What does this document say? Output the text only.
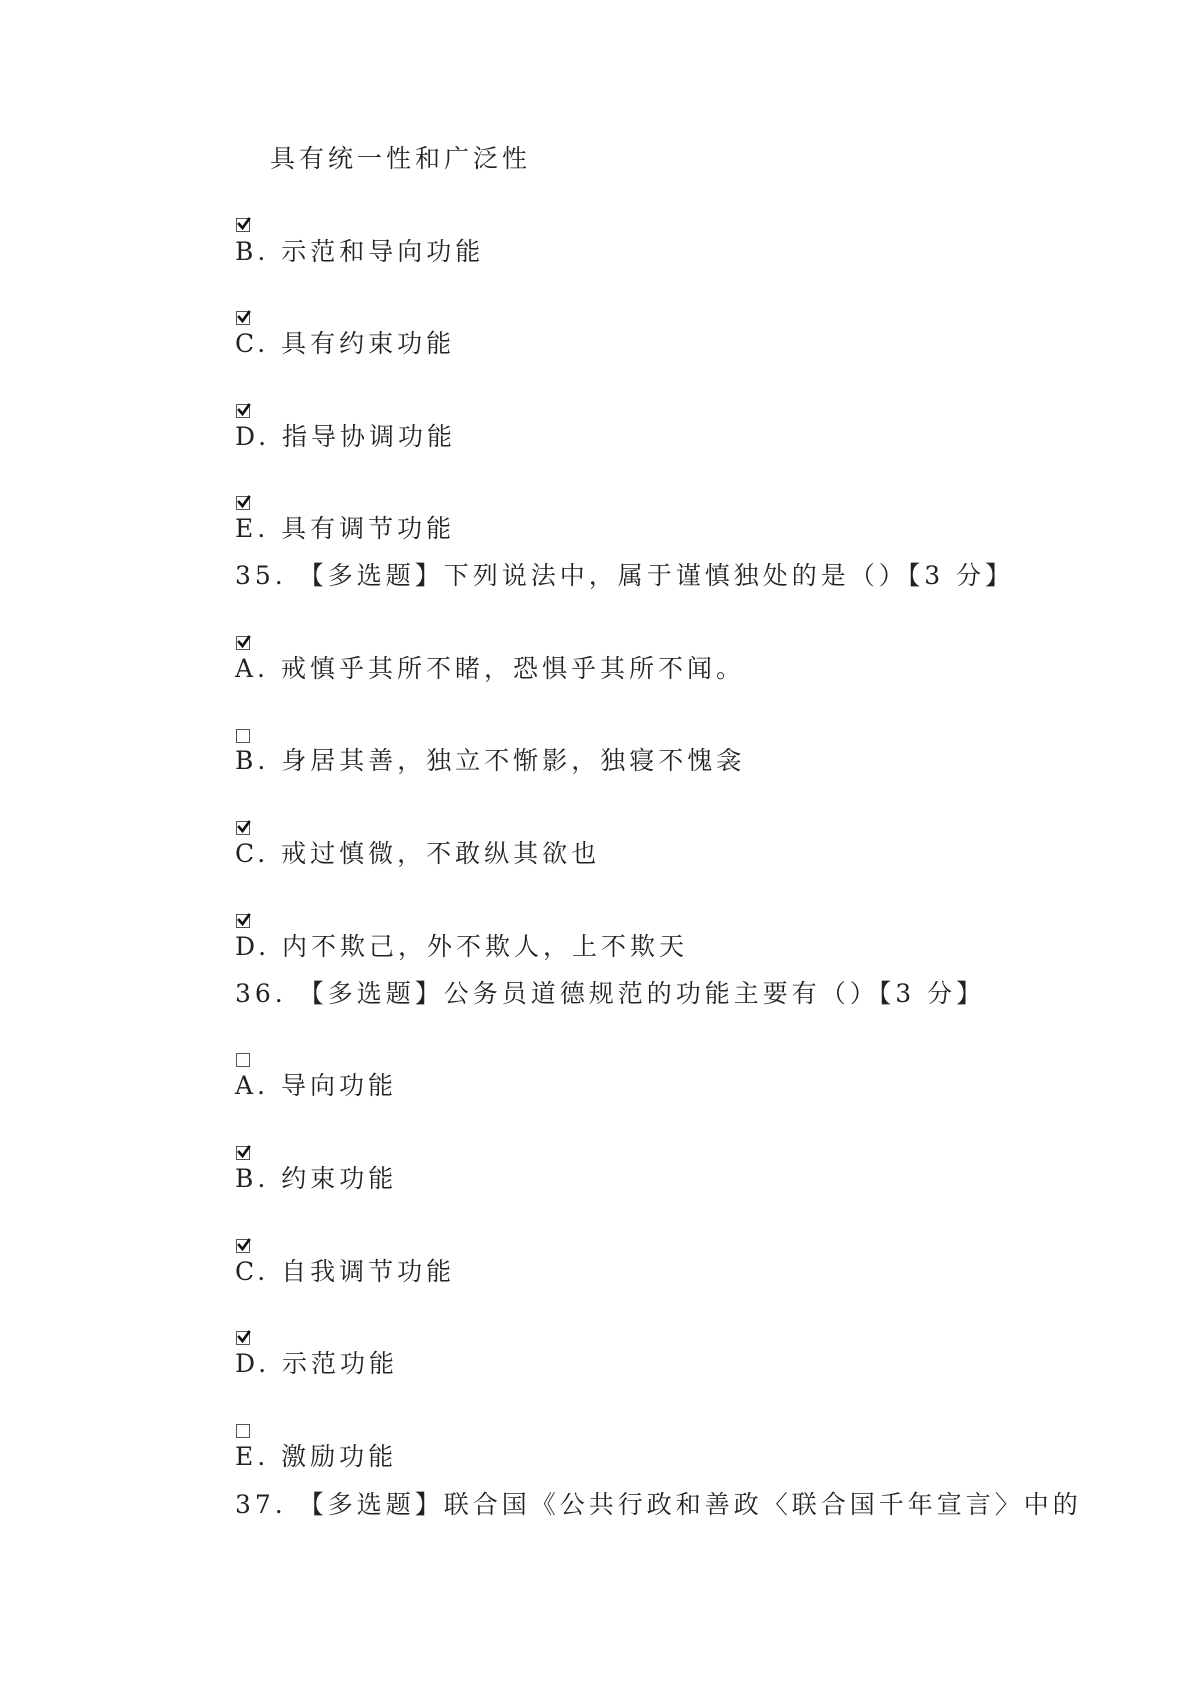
具有统一性和广泛性
B. 示范和导向功能
C. 具有约束功能
D. 指导协调功能
E. 具有调节功能
35. 【多选题】下列说法中，属于谨慎独处的是（）【3 分】
A. 戒慎乎其所不睹，恐惧乎其所不闻。
B. 身居其善，独立不惭影，独寝不愧衾
C. 戒过慎微，不敢纵其欲也
D. 内不欺己，外不欺人，上不欺天
36. 【多选题】公务员道德规范的功能主要有（）【3 分】
A. 导向功能
B. 约束功能
C. 自我调节功能
D. 示范功能
E. 激励功能
37. 【多选题】联合国《公共行政和善政〈联合国千年宣言〉中的
